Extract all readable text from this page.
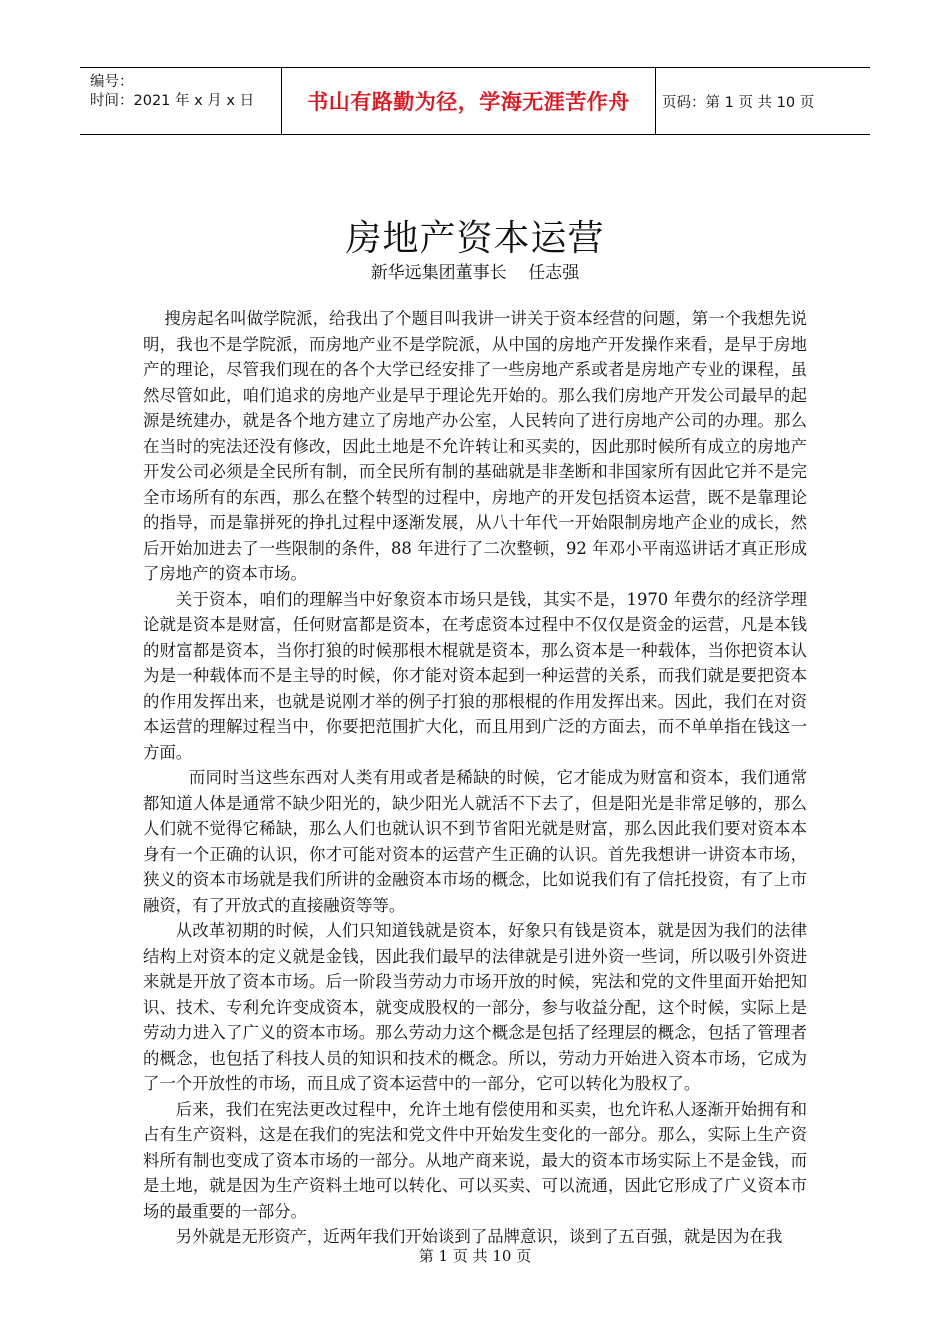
编号：
时间：2021 年 x 月 x 日	书山有路勤为径，学海无涯苦作舟	页码：第 1 页 共 10 页
房地产资本运营
新华远集团董事长    任志强

搜房起名叫做学院派，给我出了个题目叫我讲一讲关于资本经营的问题，第一个我想先说明，我也不是学院派，而房地产业不是学院派，从中国的房地产开发操作来看，是早于房地产的理论，尽管我们现在的各个大学已经安排了一些房地产系或者是房地产专业的课程，虽然尽管如此，咱们追求的房地产业是早于理论先开始的。那么我们房地产开发公司最早的起源是统建办，就是各个地方建立了房地产办公室，人民转向了进行房地产公司的办理。那么在当时的宪法还没有修改，因此土地是不允许转让和买卖的，因此那时候所有成立的房地产开发公司必须是全民所有制，而全民所有制的基础就是非垄断和非国家所有因此它并不是完全市场所有的东西，那么在整个转型的过程中，房地产的开发包括资本运营，既不是靠理论的指导，而是靠拼死的挣扎过程中逐渐发展，从八十年代一开始限制房地产企业的成长，然后开始加进去了一些限制的条件，88 年进行了二次整顿，92 年邓小平南巡讲话才真正形成了房地产的资本市场。

关于资本，咱们的理解当中好象资本市场只是钱，其实不是，1970 年费尔的经济学理论就是资本是财富，任何财富都是资本，在考虑资本过程中不仅仅是资金的运营，凡是本钱的财富都是资本，当你打狼的时候那根木棍就是资本，那么资本是一种载体，当你把资本认为是一种载体而不是主导的时候，你才能对资本起到一种运营的关系，而我们就是要把资本的作用发挥出来，也就是说刚才举的例子打狼的那根棍的作用发挥出来。因此，我们在对资本运营的理解过程当中，你要把范围扩大化，而且用到广泛的方面去，而不单单指在钱这一方面。

而同时当这些东西对人类有用或者是稀缺的时候，它才能成为财富和资本，我们通常都知道人体是通常不缺少阳光的，缺少阳光人就活不下去了，但是阳光是非常足够的，那么人们就不觉得它稀缺，那么人们也就认识不到节省阳光就是财富，那么因此我们要对资本本身有一个正确的认识，你才可能对资本的运营产生正确的认识。首先我想讲一讲资本市场，狭义的资本市场就是我们所讲的金融资本市场的概念，比如说我们有了信托投资，有了上市融资，有了开放式的直接融资等等。

从改革初期的时候，人们只知道钱就是资本，好象只有钱是资本，就是因为我们的法律结构上对资本的定义就是金钱，因此我们最早的法律就是引进外资一些词，所以吸引外资进来就是开放了资本市场。后一阶段当劳动力市场开放的时候，宪法和党的文件里面开始把知识、技术、专利允许变成资本，就变成股权的一部分，参与收益分配，这个时候，实际上是劳动力进入了广义的资本市场。那么劳动力这个概念是包括了经理层的概念，包括了管理者的概念，也包括了科技人员的知识和技术的概念。所以，劳动力开始进入资本市场，它成为了一个开放性的市场，而且成了资本运营中的一部分，它可以转化为股权了。

后来，我们在宪法更改过程中，允许土地有偿使用和买卖，也允许私人逐渐开始拥有和占有生产资料，这是在我们的宪法和党文件中开始发生变化的一部分。那么，实际上生产资料所有制也变成了资本市场的一部分。从地产商来说，最大的资本市场实际上不是金钱，而是土地，就是因为生产资料土地可以转化、可以买卖、可以流通，因此它形成了广义资本市场的最重要的一部分。

另外就是无形资产，近两年我们开始谈到了品牌意识，谈到了五百强，就是因为在我

第 1 页 共 10 页
